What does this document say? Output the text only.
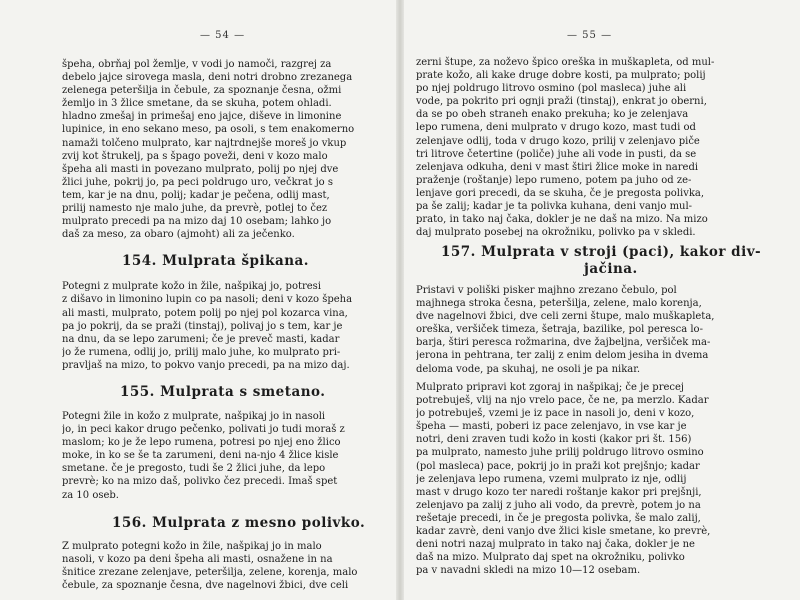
— 54 —
špeha, obrňaj pol žemlje, v vodi jo namoči, razgrej za
debelo jajce sirovega masla, deni notri drobno zrezanega
zelenega peteršilja in čebule, za spoznanje česna, ožmi
žemljo in 3 žlice smetane, da se skuha, potem ohladi.
hladno zmešaj in primešaj eno jajce, diševe in limonine
lupinice, in eno sekano meso, pa osoli, s tem enakomerno
namaži tolčeno mulprato, kar najtrdnejše moreš jo vkup
zvij kot štrukelj, pa s špago poveži, deni v kozo malo
špeha ali masti in povezano mulprato, polij po njej dve
žlici juhe, pokrij jo, pa peci poldrugo uro, večkrat jo s
tem, kar je na dnu, polij; kadar je pečena, odlij mast,
prilij namesto nje malo juhe, da prevrè, potlej to čez
mulprato precedi pa na mizo daj 10 osebam; lahko jo
daš za meso, za obaro (ajmoht) ali za ječenko.
154. Mulprata špikana.
Potegni z mulprate kožo in žile, našpikaj jo, potresi
z dišavo in limonino lupin co pa nasoli; deni v kozo špeha
ali masti, mulprato, potem polij po njej pol kozarca vina,
pa jo pokrij, da se praži (tinstaj), polivaj jo s tem, kar je
na dnu, da se lepo zarumeni; če je preveč masti, kadar
jo že rumena, odlij jo, prilij malo juhe, ko mulprato pri-
pravljaš na mizo, to pokvo vanjo precedi, pa na mizo daj.
155. Mulprata s smetano.
Potegni žile in kožo z mulprate, našpikaj jo in nasoli
jo, in peci kakor drugo pečenko, polivati jo tudi moraš z
maslom; ko je že lepo rumena, potresi po njej eno žlico
moke, in ko se še ta zarumeni, deni na-njo 4 žlice kisle
smetane. če je pregosto, tudi še 2 žlici juhe, da lepo
prevrè; ko na mizo daš, polivko čez precedi. Imaš spet
za 10 oseb.
156. Mulprata z mesno polivko.
Z mulprato potegni kožo in žile, našpikaj jo in malo
nasoli, v kozo pa deni špeha ali masti, osnažene in na
šnitice zrezane zelenjave, peteršilja, zelene, korenja, malo
čebule, za spoznanje česna, dve nagelnovi žbici, dve celi
— 55 —
zerni štupe, za noževo špico oreška in muškapleta, od mul-
prate kožo, ali kake druge dobre kosti, pa mulprato; polij
po njej poldrugo litrovo osmino (pol masleca) juhe ali
vode, pa pokrito pri ognji praži (tinstaj), enkrat jo oberni,
da se po obeh straneh enako prekuha; ko je zelenjava
lepo rumena, deni mulprato v drugo kozo, mast tudi od
zelenjave odlij, toda v drugo kozo, prilij v zelenjavo piče
tri litrove četertine (poliče) juhe ali vode in pusti, da se
zelenjava odkuha, deni v mast štiri žlice moke in naredi
praženje (roštanje) lepo rumeno, potem pa juho od ze-
lenjave gori precedi, da se skuha, če je pregosta polivka,
pa še zalij; kadar je ta polivka kuhana, deni vanjo mul-
prato, in tako naj čaka, dokler je ne daš na mizo. Na mizo
daj mulprato posebej na okrožniku, polivko pa v skledi.
157. Mulprata v stroji (paci), kakor div-
jačina.
Pristavi v poliški pisker majhno zrezano čebulo, pol
majhnega stroka česna, peteršilja, zelene, malo korenja,
dve nagelnovi žbici, dve celi zerni štupe, malo muškapleta,
oreška, veršiček timeza, šetraja, bazilike, pol peresca lo-
barja, štiri peresca rožmarina, dve žajbeljna, veršiček ma-
jerona in pehtrana, ter zalij z enim delom jesiha in dvema
deloma vode, pa skuhaj, ne osoli je pa nikar.
Mulprato pripravi kot zgoraj in našpikaj; če je precej
potrebuješ, vlij na njo vrelo pace, če ne, pa merzlo. Kadar
jo potrebuješ, vzemi je iz pace in nasoli jo, deni v kozo,
špeha — masti, poberi iz pace zelenjavo, in vse kar je
notri, deni zraven tudi kožo in kosti (kakor pri št. 156)
pa mulprato, namesto juhe prilij poldrugo litrovo osmino
(pol masleca) pace, pokrij jo in praži kot prejšnjo; kadar
je zelenjava lepo rumena, vzemi mulprato iz nje, odlij
mast v drugo kozo ter naredi roštanje kakor pri prejšnji,
zelenjavo pa zalij z juho ali vodo, da prevrè, potem jo na
rešetaje precedi, in če je pregosta polivka, še malo zalij,
kadar zavrè, deni vanjo dve žlici kisle smetane, ko prevrè,
deni notri nazaj mulprato in tako naj čaka, dokler je ne
daš na mizo. Mulprato daj spet na okrožniku, polivko
pa v navadni skledi na mizo 10—12 osebam.
